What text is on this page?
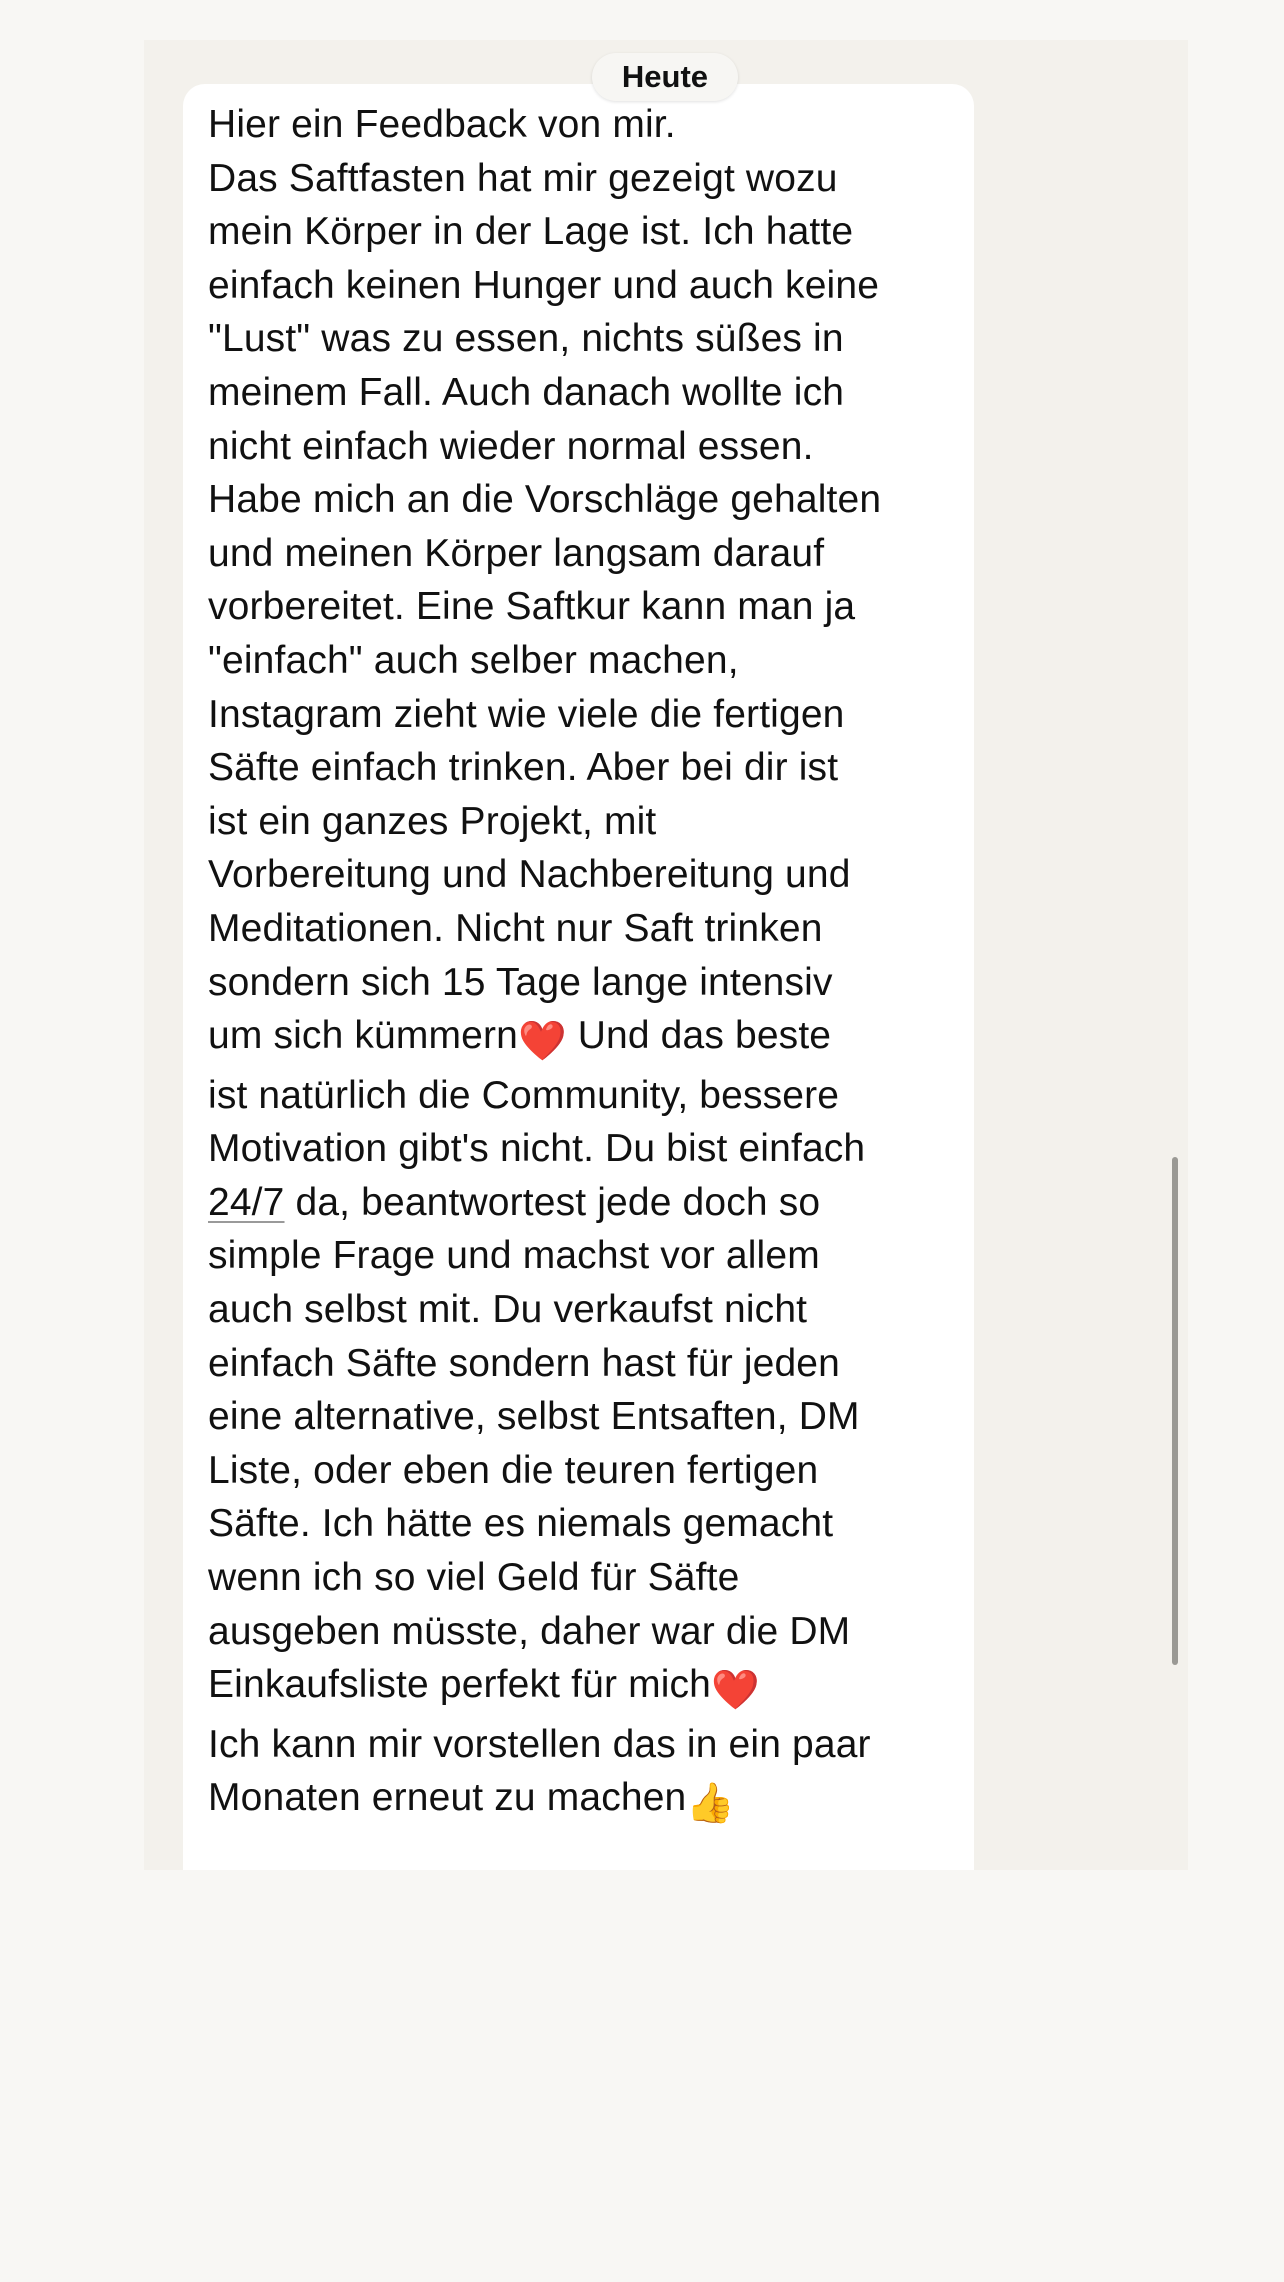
Hier ein Feedback von mir.
Das Saftfasten hat mir gezeigt wozu
mein Körper in der Lage ist. Ich hatte
einfach keinen Hunger und auch keine
"Lust" was zu essen, nichts süßes in
meinem Fall. Auch danach wollte ich
nicht einfach wieder normal essen.
Habe mich an die Vorschläge gehalten
und meinen Körper langsam darauf
vorbereitet. Eine Saftkur kann man ja
"einfach" auch selber machen,
Instagram zieht wie viele die fertigen
Säfte einfach trinken. Aber bei dir ist
ist ein ganzes Projekt, mit
Vorbereitung und Nachbereitung und
Meditationen. Nicht nur Saft trinken
sondern sich 15 Tage lange intensiv
um sich kümmern❤️ Und das beste
ist natürlich die Community, bessere
Motivation gibt's nicht. Du bist einfach
24/7 da, beantwortest jede doch so
simple Frage und machst vor allem
auch selbst mit. Du verkaufst nicht
einfach Säfte sondern hast für jeden
eine alternative, selbst Entsaften, DM
Liste, oder eben die teuren fertigen
Säfte. Ich hätte es niemals gemacht
wenn ich so viel Geld für Säfte
ausgeben müsste, daher war die DM
Einkaufsliste perfekt für mich❤️
Ich kann mir vorstellen das in ein paar
Monaten erneut zu machen👍

Heute
